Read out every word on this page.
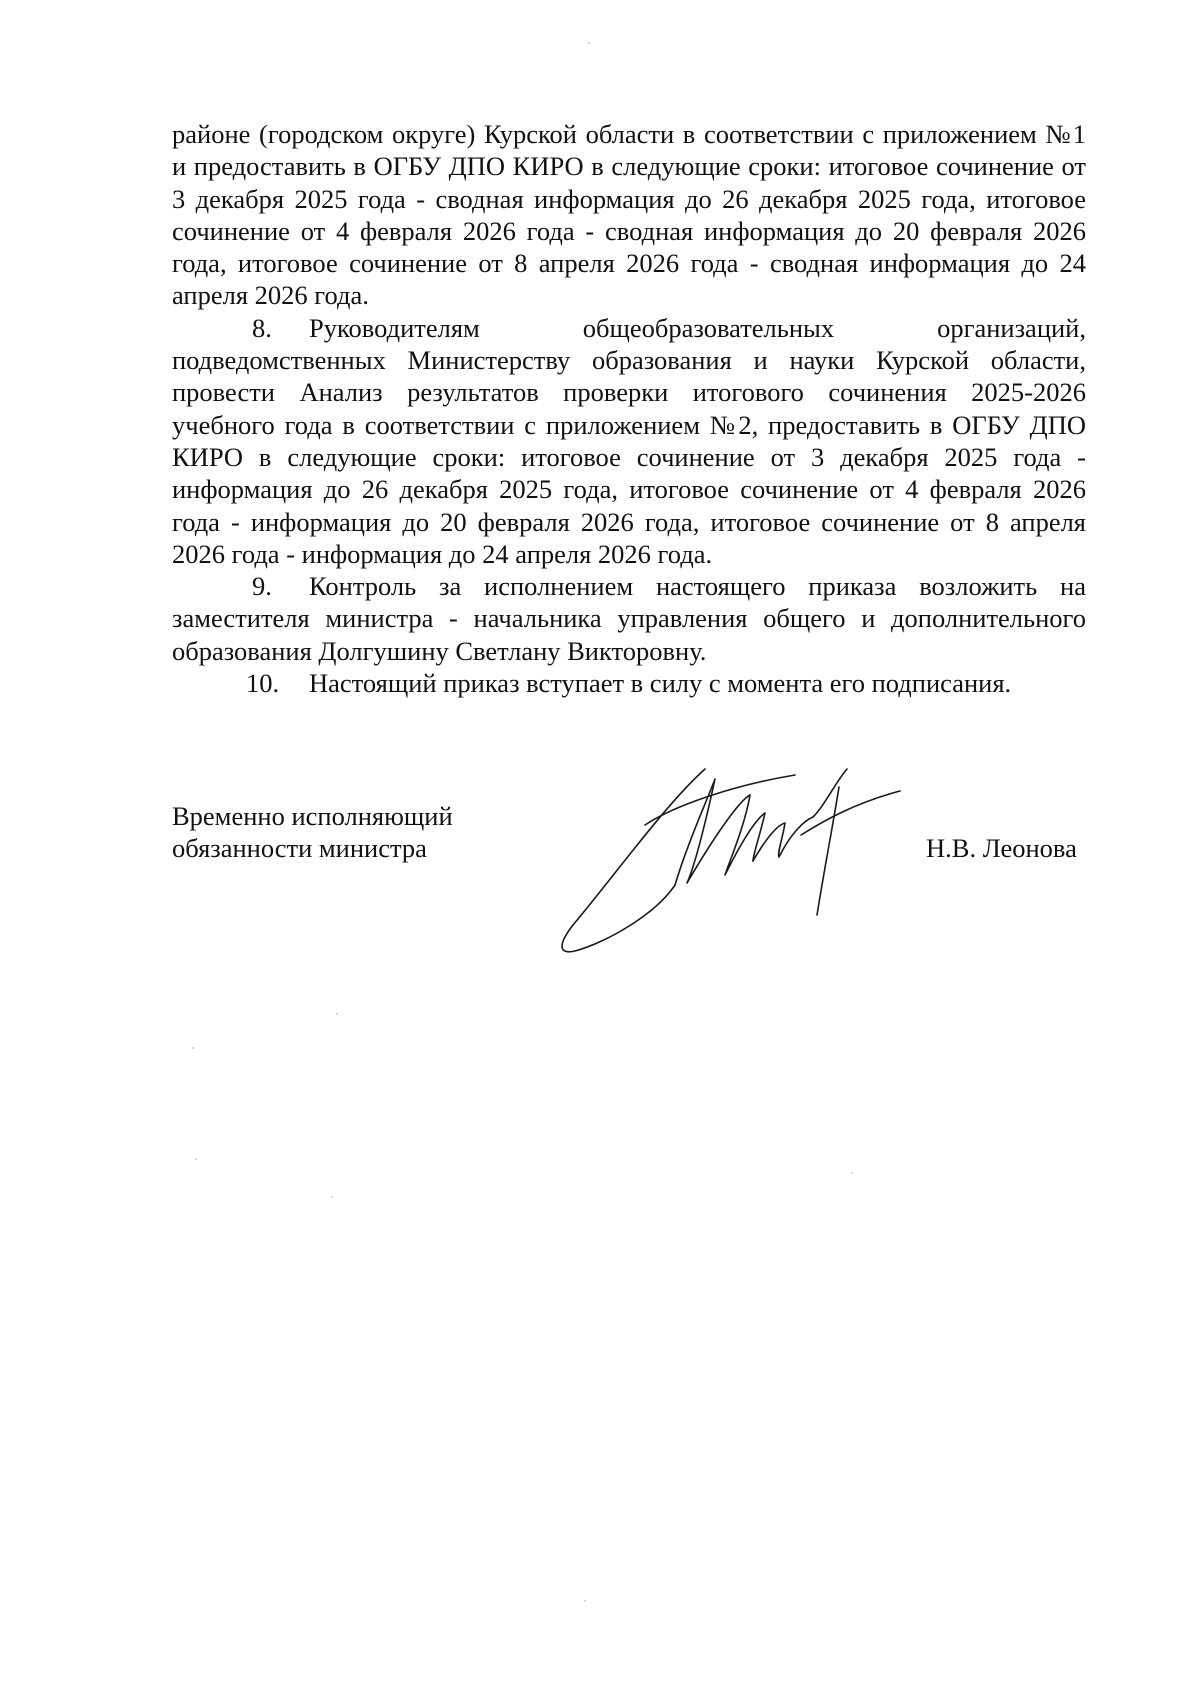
районе (городском округе) Курской области в соответствии с приложением №1 и предоставить в ОГБУ ДПО КИРО в следующие сроки: итоговое сочинение от 3 декабря 2025 года - сводная информация до 26 декабря 2025 года, итоговое сочинение от 4 февраля 2026 года - сводная информация до 20 февраля 2026 года, итоговое сочинение от 8 апреля 2026 года - сводная информация до 24 апреля 2026 года.

8. Руководителям общеобразовательных организаций, подведомственных Министерству образования и науки Курской области, провести Анализ результатов проверки итогового сочинения 2025-2026 учебного года в соответствии с приложением №2, предоставить в ОГБУ ДПО КИРО в следующие сроки: итоговое сочинение от 3 декабря 2025 года - информация до 26 декабря 2025 года, итоговое сочинение от 4 февраля 2026 года - информация до 20 февраля 2026 года, итоговое сочинение от 8 апреля 2026 года - информация до 24 апреля 2026 года.

9. Контроль за исполнением настоящего приказа возложить на заместителя министра - начальника управления общего и дополнительного образования Долгушину Светлану Викторовну.

10. Настоящий приказ вступает в силу с момента его подписания.

Временно исполняющий
обязанности министра	Н.В. Леонова
